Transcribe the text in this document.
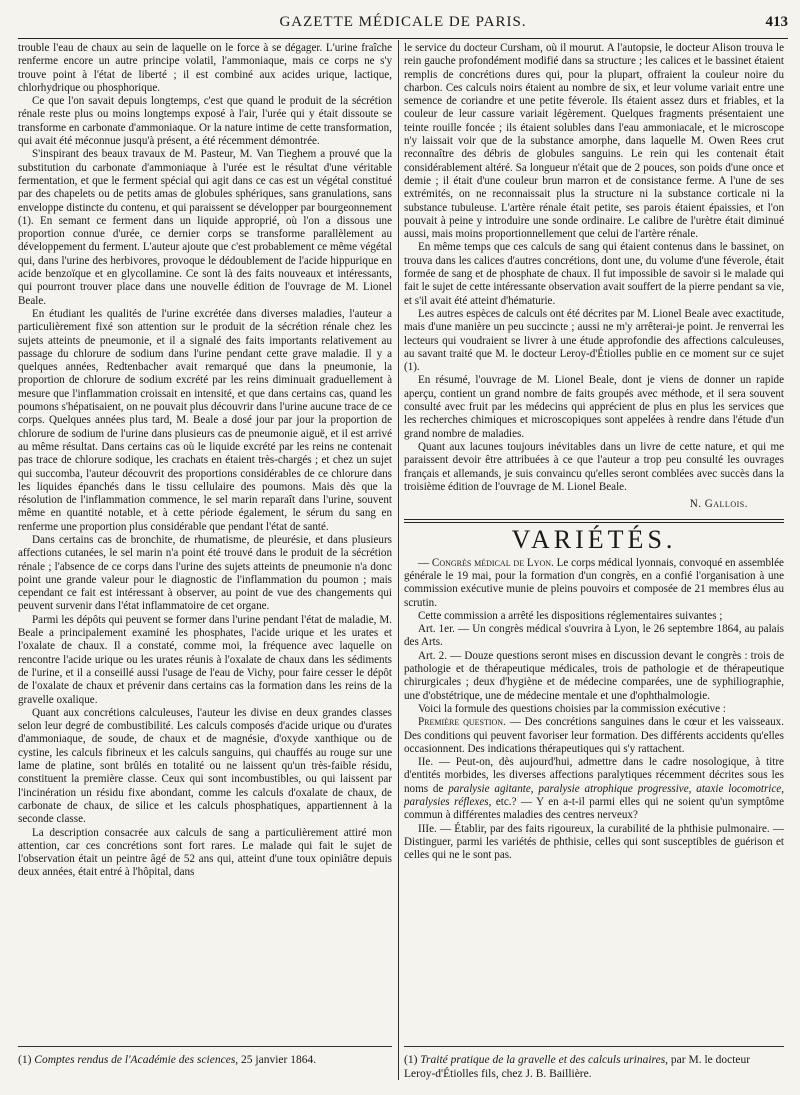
GAZETTE MÉDICALE DE PARIS.	413

trouble l'eau de chaux au sein de laquelle on le force à se dégager. L'urine fraîche renferme encore un autre principe volatil, l'ammoniaque, mais ce corps ne s'y trouve point à l'état de liberté ; il est combiné aux acides urique, lactique, chlorhydrique ou phosphorique.

Ce que l'on savait depuis longtemps, c'est que quand le produit de la sécrétion rénale reste plus ou moins longtemps exposé à l'air, l'urée qui y était dissoute se transforme en carbonate d'ammoniaque. Or la nature intime de cette transformation, qui avait été méconnue jusqu'à présent, a été récemment démontrée.

S'inspirant des beaux travaux de M. Pasteur, M. Van Tieghem a prouvé que la substitution du carbonate d'ammoniaque à l'urée est le résultat d'une véritable fermentation, et que le ferment spécial qui agit dans ce cas est un végétal constitué par des chapelets ou de petits amas de globules sphériques, sans granulations, sans enveloppe distincte du contenu, et qui paraissent se développer par bourgeonnement (1). En semant ce ferment dans un liquide approprié, où l'on a dissous une proportion connue d'urée, ce dernier corps se transforme parallèlement au développement du ferment. L'auteur ajoute que c'est probablement ce même végétal qui, dans l'urine des herbivores, provoque le dédoublement de l'acide hippurique en acide benzoïque et en glycollamine. Ce sont là des faits nouveaux et intéressants, qui pourront trouver place dans une nouvelle édition de l'ouvrage de M. Lionel Beale.

En étudiant les qualités de l'urine excrétée dans diverses maladies, l'auteur a particulièrement fixé son attention sur le produit de la sécrétion rénale chez les sujets atteints de pneumonie, et il a signalé des faits importants relativement au passage du chlorure de sodium dans l'urine pendant cette grave maladie. Il y a quelques années, Redtenbacher avait remarqué que dans la pneumonie, la proportion de chlorure de sodium excrété par les reins diminuait graduellement à mesure que l'inflammation croissait en intensité, et que dans certains cas, quand les poumons s'hépatisaient, on ne pouvait plus découvrir dans l'urine aucune trace de ce corps. Quelques années plus tard, M. Beale a dosé jour par jour la proportion de chlorure de sodium de l'urine dans plusieurs cas de pneumonie aiguë, et il est arrivé au même résultat. Dans certains cas où le liquide excrété par les reins ne contenait pas trace de chlorure sodique, les crachats en étaient très-chargés ; et chez un sujet qui succomba, l'auteur découvrit des proportions considérables de ce chlorure dans les liquides épanchés dans le tissu cellulaire des poumons. Mais dès que la résolution de l'inflammation commence, le sel marin reparaît dans l'urine, souvent même en quantité notable, et à cette période également, le sérum du sang en renferme une proportion plus considérable que pendant l'état de santé.

Dans certains cas de bronchite, de rhumatisme, de pleurésie, et dans plusieurs affections cutanées, le sel marin n'a point été trouvé dans le produit de la sécrétion rénale ; l'absence de ce corps dans l'urine des sujets atteints de pneumonie n'a donc point une grande valeur pour le diagnostic de l'inflammation du poumon ; mais cependant ce fait est intéressant à observer, au point de vue des changements qui peuvent survenir dans l'état inflammatoire de cet organe.

Parmi les dépôts qui peuvent se former dans l'urine pendant l'état de maladie, M. Beale a principalement examiné les phosphates, l'acide urique et les urates et l'oxalate de chaux. Il a constaté, comme moi, la fréquence avec laquelle on rencontre l'acide urique ou les urates réunis à l'oxalate de chaux dans les sédiments de l'urine, et il a conseillé aussi l'usage de l'eau de Vichy, pour faire cesser le dépôt de l'oxalate de chaux et prévenir dans certains cas la formation dans les reins de la gravelle oxalique.

Quant aux concrétions calculeuses, l'auteur les divise en deux grandes classes selon leur degré de combustibilité. Les calculs composés d'acide urique ou d'urates d'ammoniaque, de soude, de chaux et de magnésie, d'oxyde xanthique ou de cystine, les calculs fibrineux et les calculs sanguins, qui chauffés au rouge sur une lame de platine, sont brûlés en totalité ou ne laissent qu'un très-faible résidu, constituent la première classe. Ceux qui sont incombustibles, ou qui laissent par l'incinération un résidu fixe abondant, comme les calculs d'oxalate de chaux, de carbonate de chaux, de silice et les calculs phosphatiques, appartiennent à la seconde classe.

La description consacrée aux calculs de sang a particulièrement attiré mon attention, car ces concrétions sont fort rares. Le malade qui fait le sujet de l'observation était un peintre âgé de 52 ans qui, atteint d'une toux opiniâtre depuis deux années, était entré à l'hôpital, dans

(1) Comptes rendus de l'Académie des sciences, 25 janvier 1864.

le service du docteur Cursham, où il mourut. A l'autopsie, le docteur Alison trouva le rein gauche profondément modifié dans sa structure ; les calices et le bassinet étaient remplis de concrétions dures qui, pour la plupart, offraient la couleur noire du charbon. Ces calculs noirs étaient au nombre de six, et leur volume variait entre une semence de coriandre et une petite féverole. Ils étaient assez durs et friables, et la couleur de leur cassure variait légèrement. Quelques fragments présentaient une teinte rouille foncée ; ils étaient solubles dans l'eau ammoniacale, et le microscope n'y laissait voir que de la substance amorphe, dans laquelle M. Owen Rees crut reconnaître des débris de globules sanguins. Le rein qui les contenait était considérablement altéré. Sa longueur n'était que de 2 pouces, son poids d'une once et demie ; il était d'une couleur brun marron et de consistance ferme. A l'une de ses extrémités, on ne reconnaissait plus la structure ni la substance corticale ni la substance tubuleuse. L'artère rénale était petite, ses parois étaient épaissies, et l'on pouvait à peine y introduire une sonde ordinaire. Le calibre de l'urètre était diminué aussi, mais moins proportionnellement que celui de l'artère rénale.

En même temps que ces calculs de sang qui étaient contenus dans le bassinet, on trouva dans les calices d'autres concrétions, dont une, du volume d'une féverole, était formée de sang et de phosphate de chaux. Il fut impossible de savoir si le malade qui fait le sujet de cette intéressante observation avait souffert de la pierre pendant sa vie, et s'il avait été atteint d'hématurie.

Les autres espèces de calculs ont été décrites par M. Lionel Beale avec exactitude, mais d'une manière un peu succincte ; aussi ne m'y arrêterai-je point. Je renverrai les lecteurs qui voudraient se livrer à une étude approfondie des affections calculeuses, au savant traité que M. le docteur Leroy-d'Étiolles publie en ce moment sur ce sujet (1).

En résumé, l'ouvrage de M. Lionel Beale, dont je viens de donner un rapide aperçu, contient un grand nombre de faits groupés avec méthode, et il sera souvent consulté avec fruit par les médecins qui apprécient de plus en plus les services que les recherches chimiques et microscopiques sont appelées à rendre dans l'étude d'un grand nombre de maladies.

Quant aux lacunes toujours inévitables dans un livre de cette nature, et qui me paraissent devoir être attribuées à ce que l'auteur a trop peu consulté les ouvrages français et allemands, je suis convaincu qu'elles seront comblées avec succès dans la troisième édition de l'ouvrage de M. Lionel Beale.

N. Gallois.
VARIÉTÉS.

— Congrès médical de Lyon. Le corps médical lyonnais, convoqué en assemblée générale le 19 mai, pour la formation d'un congrès, en a confié l'organisation à une commission exécutive munie de pleins pouvoirs et composée de 21 membres élus au scrutin.

Cette commission a arrêté les dispositions réglementaires suivantes ;

Art. 1er. — Un congrès médical s'ouvrira à Lyon, le 26 septembre 1864, au palais des Arts.

Art. 2. — Douze questions seront mises en discussion devant le congrès : trois de pathologie et de thérapeutique médicales, trois de pathologie et de thérapeutique chirurgicales ; deux d'hygiène et de médecine comparées, une de syphiliographie, une d'obstétrique, une de médecine mentale et une d'ophthalmologie.

Voici la formule des questions choisies par la commission exécutive :

Première question. — Des concrétions sanguines dans le cœur et les vaisseaux. Des conditions qui peuvent favoriser leur formation. Des différents accidents qu'elles occasionnent. Des indications thérapeutiques qui s'y rattachent.

IIe. — Peut-on, dès aujourd'hui, admettre dans le cadre nosologique, à titre d'entités morbides, les diverses affections paralytiques récemment décrites sous les noms de paralysie agitante, paralysie atrophique progressive, ataxie locomotrice, paralysies réflexes, etc.? — Y en a-t-il parmi elles qui ne soient qu'un symptôme commun à différentes maladies des centres nerveux?

IIIe. — Établir, par des faits rigoureux, la curabilité de la phthisie pulmonaire. — Distinguer, parmi les variétés de phthisie, celles qui sont susceptibles de guérison et celles qui ne le sont pas.

(1) Traité pratique de la gravelle et des calculs urinaires, par M. le docteur Leroy-d'Étiolles fils, chez J. B. Baillière.
